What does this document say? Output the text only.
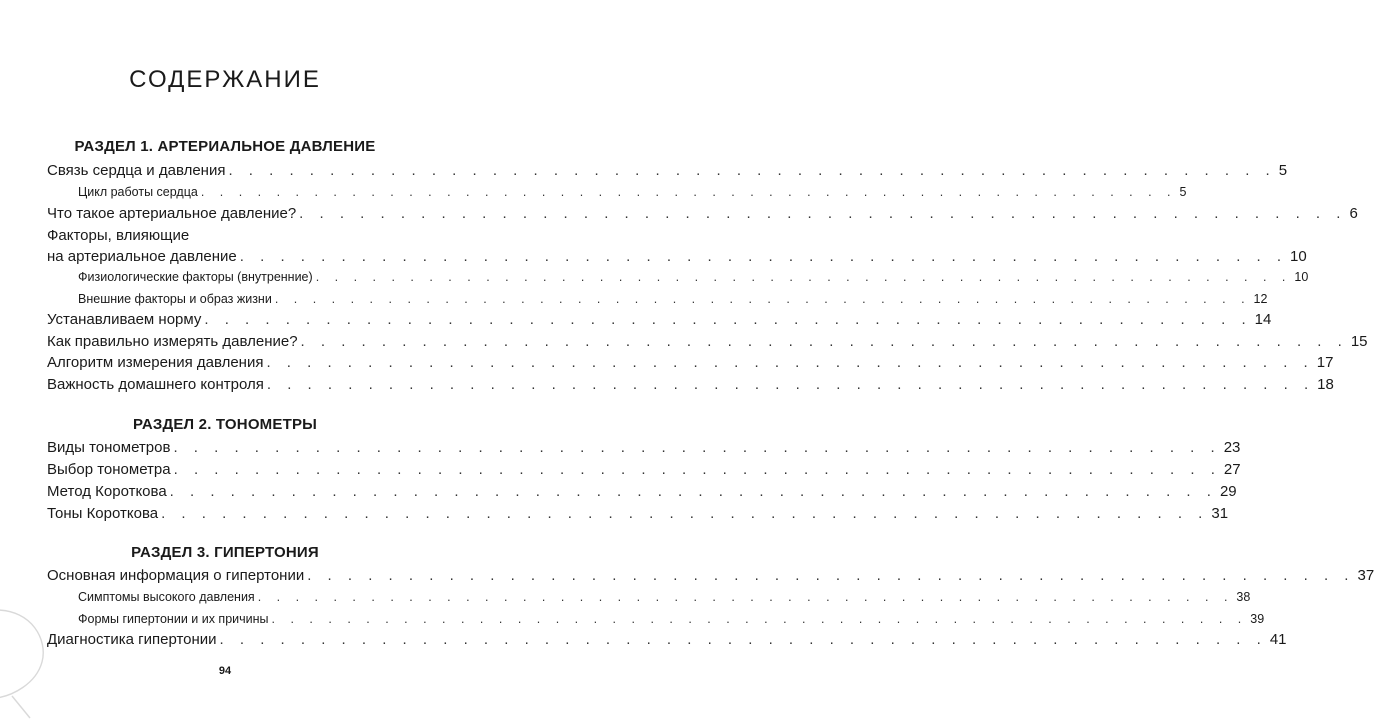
СОДЕРЖАНИЕ
РАЗДЕЛ 1. АРТЕРИАЛЬНОЕ ДАВЛЕНИЕ
Связь сердца и давления . . . . . . . . . . . . . . . . . . . . . . . . . . . . . . . . . . . . . . . . . . . . . . . . . . . . 5
Цикл работы сердца . . . . . . . . . . . . . . . . . . . . . . . . . . . . . . . . . . . . . . . . . . . . . . . . . . . . 5
Что такое артериальное давление? . . . . . . . . . . . . . . . . . . . . . . . . . . . . . . . . . . . . . . . . . . . . . . . . . . . . 6
Факторы, влияющие
на артериальное давление . . . . . . . . . . . . . . . . . . . . . . . . . . . . . . . . . . . . . . . . . . . . . . . . . . . . 10
Физиологические факторы (внутренние) . . . . . . . . . . . . . . . . . . . . . . . . . . . . . . . . . . . . . . . . . . . . . . . . . . . . 10
Внешние факторы и образ жизни . . . . . . . . . . . . . . . . . . . . . . . . . . . . . . . . . . . . . . . . . . . . . . . . . . . . 12
Устанавливаем норму . . . . . . . . . . . . . . . . . . . . . . . . . . . . . . . . . . . . . . . . . . . . . . . . . . . . 14
Как правильно измерять давление? . . . . . . . . . . . . . . . . . . . . . . . . . . . . . . . . . . . . . . . . . . . . . . . . . . . . 15
Алгоритм измерения давления . . . . . . . . . . . . . . . . . . . . . . . . . . . . . . . . . . . . . . . . . . . . . . . . . . . . 17
Важность домашнего контроля . . . . . . . . . . . . . . . . . . . . . . . . . . . . . . . . . . . . . . . . . . . . . . . . . . . . 18
РАЗДЕЛ 2. ТОНОМЕТРЫ
Виды тонометров . . . . . . . . . . . . . . . . . . . . . . . . . . . . . . . . . . . . . . . . . . . . . . . . . . . . 23
Выбор тонометра . . . . . . . . . . . . . . . . . . . . . . . . . . . . . . . . . . . . . . . . . . . . . . . . . . . . 27
Метод Короткова . . . . . . . . . . . . . . . . . . . . . . . . . . . . . . . . . . . . . . . . . . . . . . . . . . . . 29
Тоны Короткова . . . . . . . . . . . . . . . . . . . . . . . . . . . . . . . . . . . . . . . . . . . . . . . . . . . . 31
РАЗДЕЛ 3. ГИПЕРТОНИЯ
Основная информация о гипертонии . . . . . . . . . . . . . . . . . . . . . . . . . . . . . . . . . . . . . . . . . . . . . . . . . . . . 37
Симптомы высокого давления . . . . . . . . . . . . . . . . . . . . . . . . . . . . . . . . . . . . . . . . . . . . . . . . . . . . 38
Формы гипертонии и их причины . . . . . . . . . . . . . . . . . . . . . . . . . . . . . . . . . . . . . . . . . . . . . . . . . . . . 39
Диагностика гипертонии . . . . . . . . . . . . . . . . . . . . . . . . . . . . . . . . . . . . . . . . . . . . . . . . . . . . 41
94
